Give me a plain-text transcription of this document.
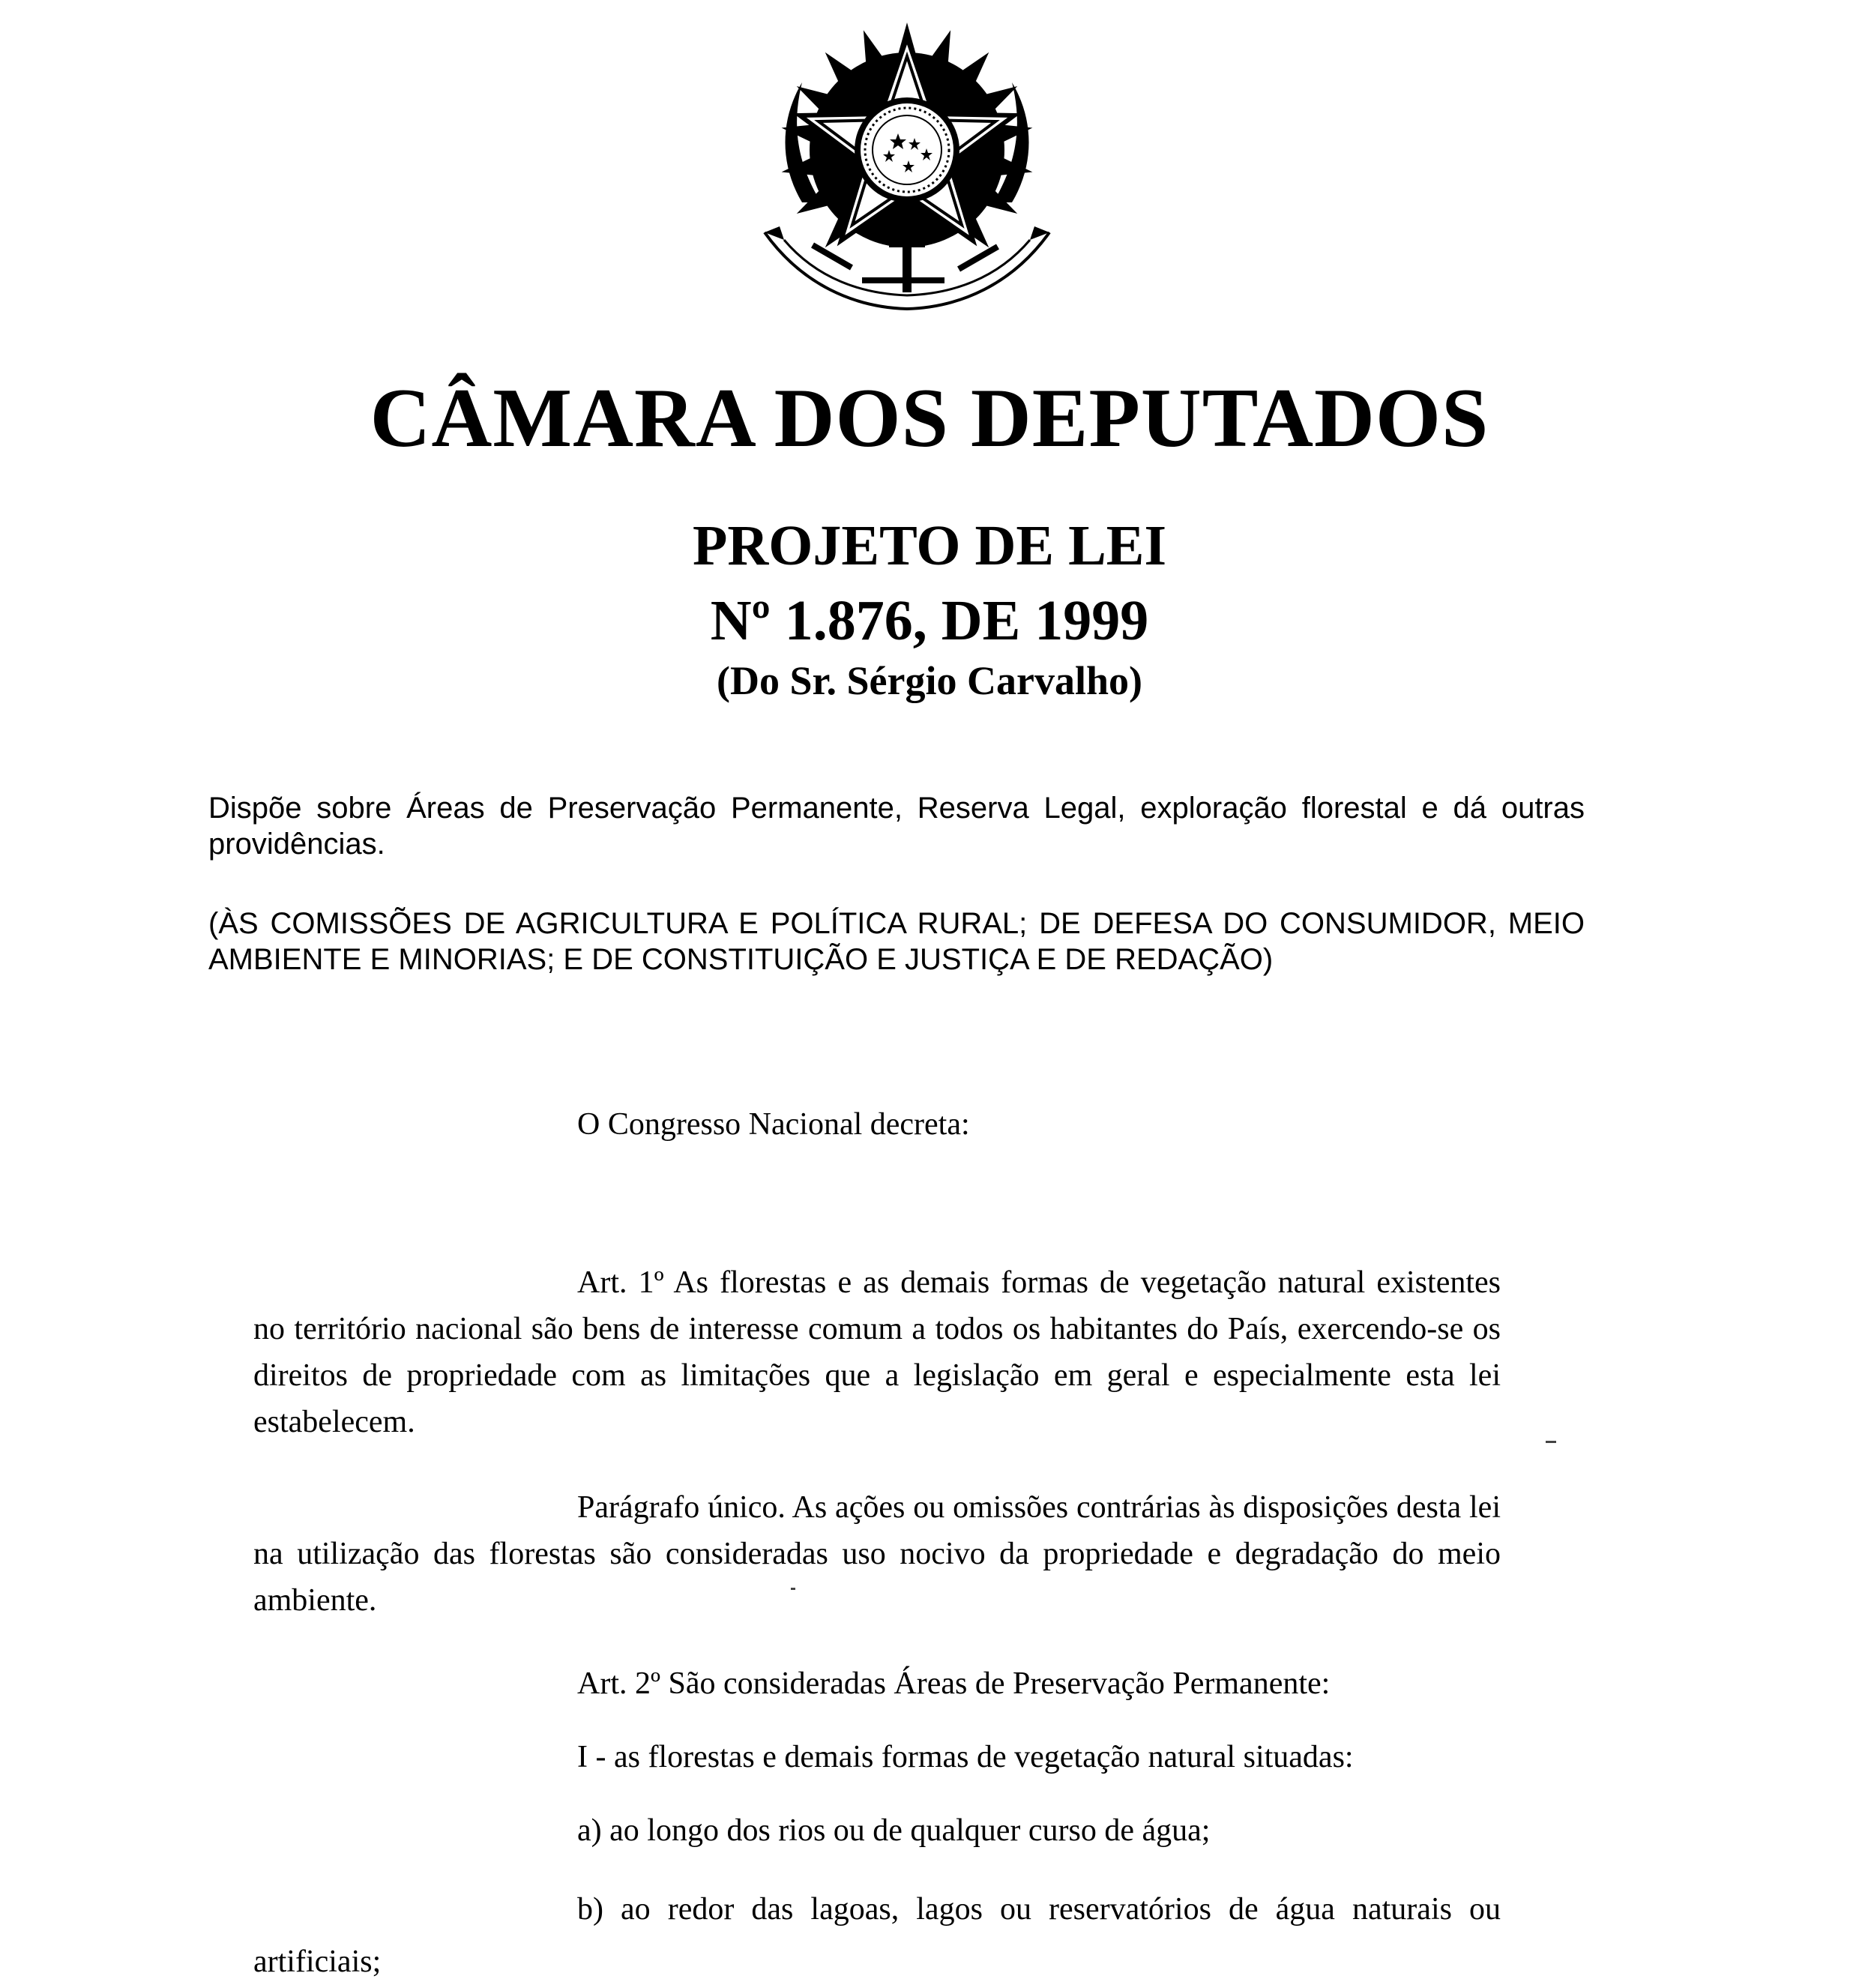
CÂMARA DOS DEPUTADOS
PROJETO DE LEI
Nº 1.876, DE 1999
(Do Sr. Sérgio Carvalho)

Dispõe sobre Áreas de Preservação Permanente, Reserva Legal, exploração florestal e dá outras providências.

(ÀS COMISSÕES DE AGRICULTURA E POLÍTICA RURAL; DE DEFESA DO CONSUMIDOR, MEIO AMBIENTE E MINORIAS; E DE CONSTITUIÇÃO E JUSTIÇA E DE REDAÇÃO)

O Congresso Nacional decreta:

Art. 1º As florestas e as demais formas de vegetação natural existentes no território nacional são bens de interesse comum a todos os habitantes do País, exercendo-se os direitos de propriedade com as limitações que a legislação em geral e especialmente esta lei estabelecem.

Parágrafo único. As ações ou omissões contrárias às disposições desta lei na utilização das florestas são consideradas uso nocivo da propriedade e degradação do meio ambiente.

Art. 2º São consideradas Áreas de Preservação Permanente:

I - as florestas e demais formas de vegetação natural situadas:

a) ao longo dos rios ou de qualquer curso de água;

b) ao redor das lagoas, lagos ou reservatórios de água naturais ou artificiais;
